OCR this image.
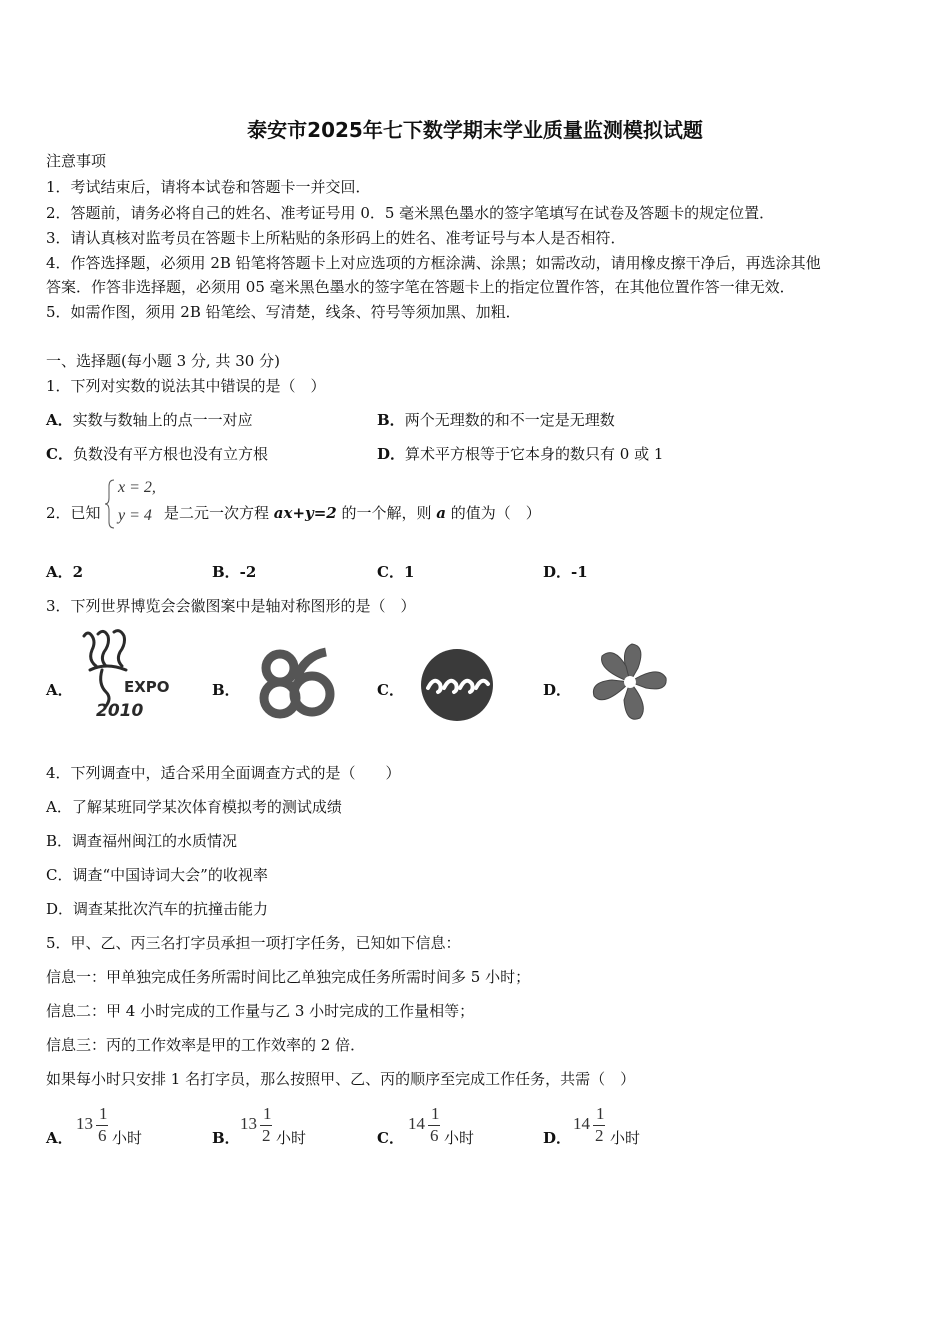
泰安市2025年七下数学期末学业质量监测模拟试题
注意事项
1．考试结束后，请将本试卷和答题卡一并交回．
2．答题前，请务必将自己的姓名、准考证号用 0．5 毫米黑色墨水的签字笔填写在试卷及答题卡的规定位置．
3．请认真核对监考员在答题卡上所粘贴的条形码上的姓名、准考证号与本人是否相符．
4．作答选择题，必须用 2B 铅笔将答题卡上对应选项的方框涂满、涂黑；如需改动，请用橡皮擦干净后，再选涂其他
答案．作答非选择题，必须用 05 毫米黑色墨水的签字笔在答题卡上的指定位置作答，在其他位置作答一律无效．
5．如需作图，须用 2B 铅笔绘、写清楚，线条、符号等须加黑、加粗．
一、选择题(每小题 3 分, 共 30 分)
1．下列对实数的说法其中错误的是（　）
A．实数与数轴上的点一一对应	B．两个无理数的和不一定是无理数
C．负数没有平方根也没有立方根	D．算术平方根等于它本身的数只有 0 或 1
2．已知
x = 2,
y = 4 是二元一次方程 ax+y=2 的一个解，则 a 的值为（　）
A．2	B．-2	C．1	D．-1
3．下列世界博览会会徽图案中是轴对称图形的是（　）
A．	B．	C．	D．
EXPO
2010
4．下列调查中，适合采用全面调查方式的是（　　）
A．了解某班同学某次体育模拟考的测试成绩
B．调查福州闽江的水质情况
C．调查“中国诗词大会”的收视率
D．调查某批次汽车的抗撞击能力
5．甲、乙、丙三名打字员承担一项打字任务，已知如下信息：
信息一：甲单独完成任务所需时间比乙单独完成任务所需时间多 5 小时；
信息二：甲 4 小时完成的工作量与乙 3 小时完成的工作量相等；
信息三：丙的工作效率是甲的工作效率的 2 倍．
如果每小时只安排 1 名打字员，那么按照甲、乙、丙的顺序至完成工作任务，共需（　）
A．
13
1
6 小时	B．
13
1
2 小时	C．
14
1
6 小时	D．
14
1
2 小时
